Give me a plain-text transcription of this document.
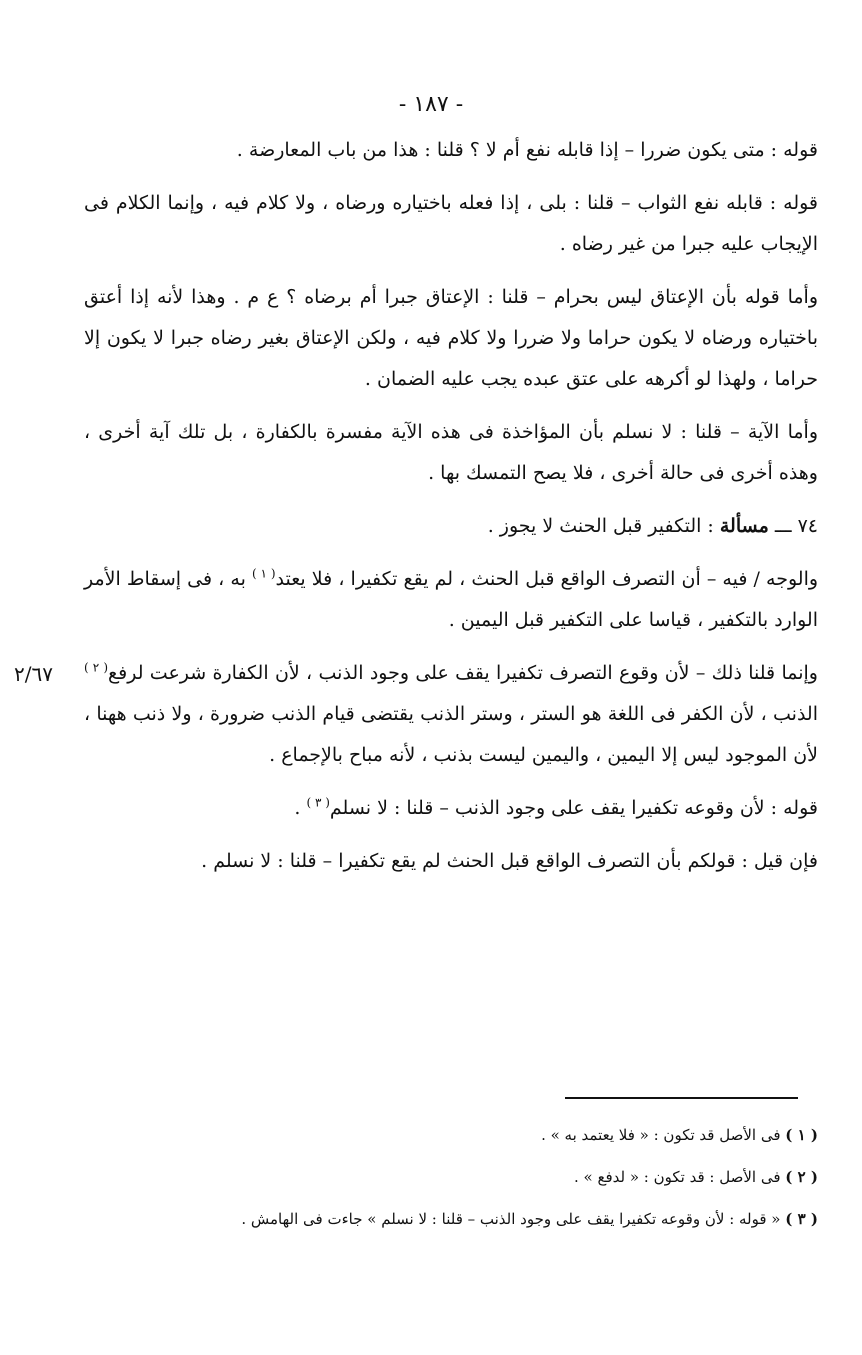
- ١٨٧ -
٢/٦٧

قوله : متى يكون ضررا – إذا قابله نفع أم لا ؟ قلنا : هذا من باب المعارضة .

قوله : قابله نفع الثواب – قلنا : بلى ، إذا فعله باختياره ورضاه ، ولا كلام فيه ، وإنما الكلام فى الإيجاب عليه جبرا من غير رضاه .

وأما قوله بأن الإعتاق ليس بحرام – قلنا : الإعتاق جبرا أم برضاه ؟ ع م . وهذا لأنه إذا أعتق باختياره ورضاه لا يكون حراما ولا ضررا ولا كلام فيه ، ولكن الإعتاق بغير رضاه جبرا لا يكون إلا حراما ، ولهذا لو أكرهه على عتق عبده يجب عليه الضمان .

وأما الآية – قلنا : لا نسلم بأن المؤاخذة فى هذه الآية مفسرة بالكفارة ، بل تلك آية أخرى ، وهذه أخرى فى حالة أخرى ، فلا يصح التمسك بها .

٧٤ ـــ مسألة : التكفير قبل الحنث لا يجوز .

والوجه / فيه – أن التصرف الواقع قبل الحنث ، لم يقع تكفيرا ، فلا يعتد$^{( ١ )}$ به ، فى إسقاط الأمر الوارد بالتكفير ، قياسا على التكفير قبل اليمين .

وإنما قلنا ذلك – لأن وقوع التصرف تكفيرا يقف على وجود الذنب ، لأن الكفارة شرعت لرفع$^{( ٢ )}$ الذنب ، لأن الكفر فى اللغة هو الستر ، وستر الذنب يقتضى قيام الذنب ضرورة ، ولا ذنب ههنا ، لأن الموجود ليس إلا اليمين ، واليمين ليست بذنب ، لأنه مباح بالإجماع .

قوله : لأن وقوعه تكفيرا يقف على وجود الذنب – قلنا : لا نسلم$^{( ٣ )}$ .

فإن قيل : قولكم بأن التصرف الواقع قبل الحنث لم يقع تكفيرا – قلنا : لا نسلم .

( ١ ) فى الأصل قد تكون : « فلا يعتمد به » .

( ٢ ) فى الأصل : قد تكون : « لدفع » .

( ٣ ) « قوله : لأن وقوعه تكفيرا يقف على وجود الذنب – قلنا : لا نسلم » جاءت فى الهامش .
